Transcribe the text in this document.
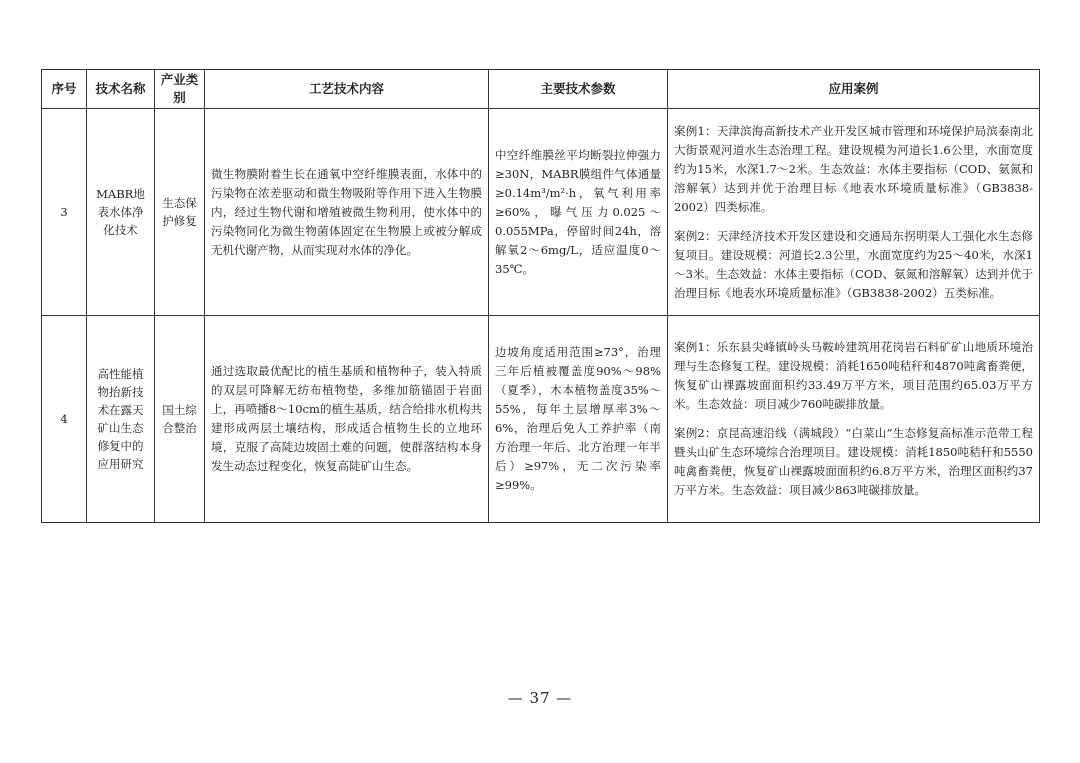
序号	技术名称	产业类别	工艺技术内容	主要技术参数	应用案例
3	MABR地表水体净化技术	生态保护修复	微生物膜附着生长在通氧中空纤维膜表面，水体中的污染物在浓差驱动和微生物吸附等作用下进入生物膜内，经过生物代谢和增殖被微生物利用，使水体中的污染物同化为微生物菌体固定在生物膜上或被分解成无机代谢产物，从而实现对水体的净化。	中空纤维膜丝平均断裂拉伸强力≥30N，MABR膜组件气体通量≥0.14m³/m²·h，氧气利用率≥60%，曝气压力0.025～0.055MPa，停留时间24h，溶解氧2～6mg/L，适应温度0～35℃。	案例1：天津滨海高新技术产业开发区城市管理和环境保护局滨泰南北大街景观河道水生态治理工程。建设规模为河道长1.6公里，水面宽度约为15米，水深1.7～2米。生态效益：水体主要指标（COD、氨氮和溶解氧）达到并优于治理目标《地表水环境质量标准》（GB3838-2002）四类标准。

案例2：天津经济技术开发区建设和交通局东拐明渠人工强化水生态修复项目。建设规模：河道长2.3公里，水面宽度约为25～40米，水深1～3米。生态效益：水体主要指标（COD、氨氮和溶解氧）达到并优于治理目标《地表水环境质量标准》（GB3838-2002）五类标准。

4	高性能植物抬新技术在露天矿山生态修复中的应用研究	国土综合整治	通过选取最优配比的植生基质和植物种子，装入特质的双层可降解无纺布植物垫，多维加筋锚固于岩面上，再喷播8～10cm的植生基质，结合给排水机构共建形成两层土壤结构，形成适合植物生长的立地环境，克服了高陡边坡固土难的问题，使群落结构本身发生动态过程变化，恢复高陡矿山生态。	边坡角度适用范围≥73°，治理三年后植被覆盖度90%～98%（夏季），木本植物盖度35%～55%，每年土层增厚率3%～6%，治理后免人工养护率（南方治理一年后、北方治理一年半后）≥97%，无二次污染率≥99%。	案例1：乐东县尖峰镇岭头马鞍岭建筑用花岗岩石料矿矿山地质环境治理与生态修复工程。建设规模：消耗1650吨秸秆和4870吨禽畜粪便，恢复矿山裸露坡面面积约33.49万平方米，项目范围约65.03万平方米。生态效益：项目减少760吨碳排放量。

案例2：京昆高速沿线（满城段）“白菜山”生态修复高标准示范带工程暨头山矿生态环境综合治理项目。建设规模：消耗1850吨秸秆和5550吨禽畜粪便，恢复矿山裸露坡面面积约6.8万平方米，治理区面积约37万平方米。生态效益：项目减少863吨碳排放量。

— 37 —
